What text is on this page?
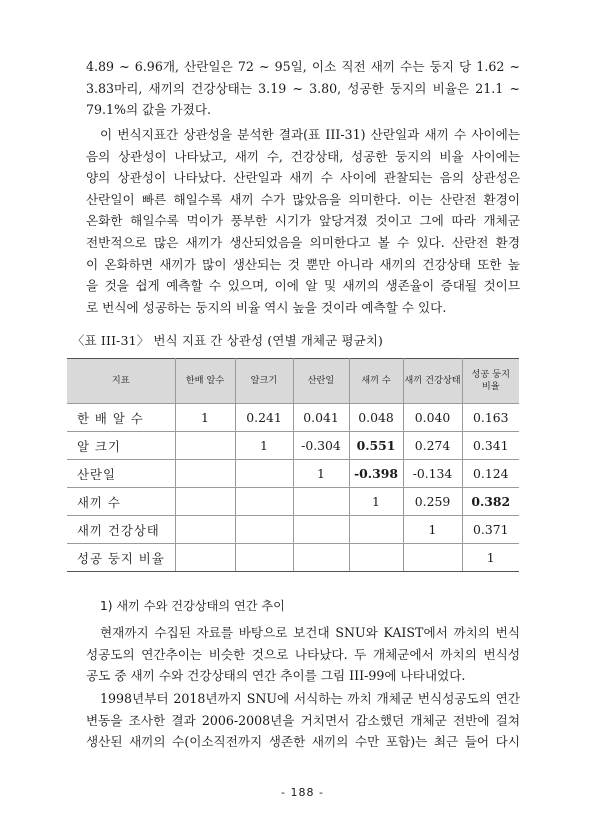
4.89 ~ 6.96개, 산란일은 72 ~ 95일, 이소 직전 새끼 수는 둥지 당 1.62 ~
3.83마리, 새끼의 건강상태는 3.19 ~ 3.80, 성공한 둥지의 비율은 21.1 ~
79.1%의 값을 가졌다.
이 번식지표간 상관성을 분석한 결과(표 III-31) 산란일과 새끼 수 사이에는
음의 상관성이 나타났고, 새끼 수, 건강상태, 성공한 둥지의 비율 사이에는
양의 상관성이 나타났다. 산란일과 새끼 수 사이에 관찰되는 음의 상관성은
산란일이 빠른 해일수록 새끼 수가 많았음을 의미한다. 이는 산란전 환경이
온화한 해일수록 먹이가 풍부한 시기가 앞당겨졌 것이고 그에 따라 개체군
전반적으로 많은 새끼가 생산되었음을 의미한다고 볼 수 있다. 산란전 환경
이 온화하면 새끼가 많이 생산되는 것 뿐만 아니라 새끼의 건강상태 또한 높
을 것을 쉽게 예측할 수 있으며, 이에 알 및 새끼의 생존율이 증대될 것이므
로 번식에 성공하는 둥지의 비율 역시 높을 것이라 예측할 수 있다.
〈표 III-31〉 번식 지표 간 상관성 (연별 개체군 평균치)
지표	한배 알수	알크기	산란일	새끼 수	새끼 건강상태	성공 둥지 비율
한 배 알 수	1	0.241	0.041	0.048	0.040	0.163
알 크기		1	-0.304	0.551	0.274	0.341
산란일			1	-0.398	-0.134	0.124
새끼 수				1	0.259	0.382
새끼 건강상태					1	0.371
성공 둥지 비율						1
1) 새끼 수와 건강상태의 연간 추이
현재까지 수집된 자료를 바탕으로 보건대 SNU와 KAIST에서 까치의 번식
성공도의 연간추이는 비슷한 것으로 나타났다. 두 개체군에서 까치의 번식성
공도 중 새끼 수와 건강상태의 연간 추이를 그림 III-99에 나타내었다.
1998년부터 2018년까지 SNU에 서식하는 까치 개체군 번식성공도의 연간
변동을 조사한 결과 2006-2008년을 거치면서 감소했던 개체군 전반에 걸쳐
생산된 새끼의 수(이소직전까지 생존한 새끼의 수만 포함)는 최근 들어 다시
- 188 -
